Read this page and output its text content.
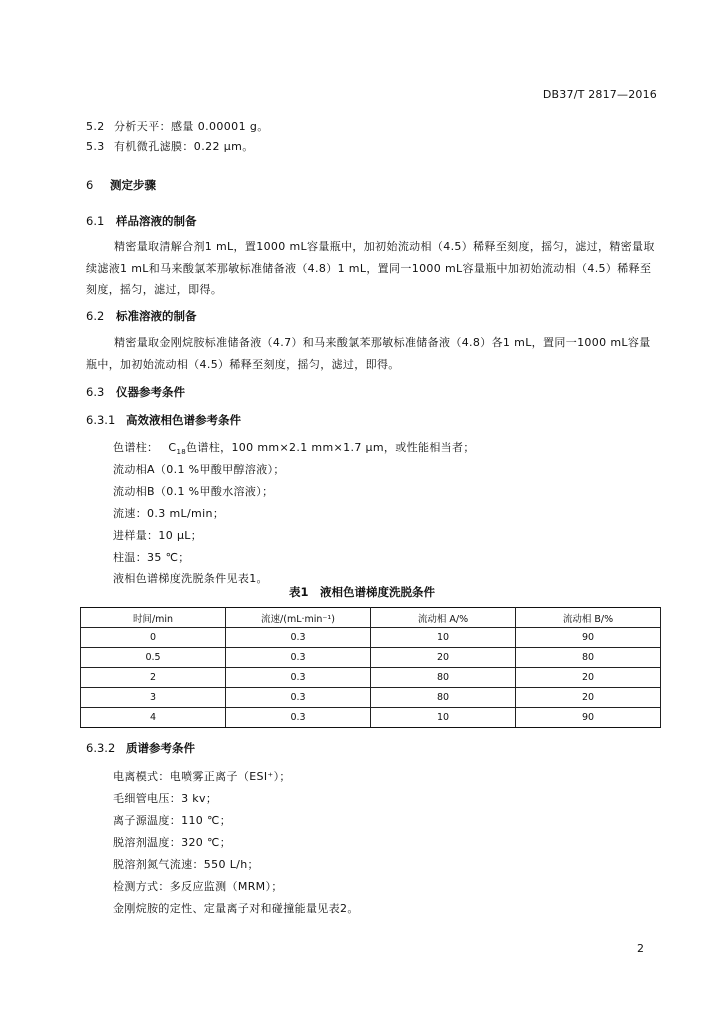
DB37/T 2817—2016
5.2 分析天平：感量 0.00001 g。
5.3 有机微孔滤膜：0.22 μm。
6 测定步骤
6.1 样品溶液的制备
精密量取清解合剂1 mL，置1000 mL容量瓶中，加初始流动相（4.5）稀释至刻度，摇匀，滤过，精密量取续滤液1 mL和马来酸氯苯那敏标准储备液（4.8）1 mL，置同一1000 mL容量瓶中加初始流动相（4.5）稀释至刻度，摇匀，滤过，即得。
6.2 标准溶液的制备
精密量取金刚烷胺标准储备液（4.7）和马来酸氯苯那敏标准储备液（4.8）各1 mL，置同一1000 mL容量瓶中，加初始流动相（4.5）稀释至刻度，摇匀，滤过，即得。
6.3 仪器参考条件
6.3.1 高效液相色谱参考条件
色谱柱： $C_{18}$色谱柱，100 mm×2.1 mm×1.7 μm，或性能相当者；
流动相A（0.1 %甲酸甲醇溶液）；
流动相B（0.1 %甲酸水溶液）；
流速：0.3 mL/min；
进样量：10 μL；
柱温：35 ℃；
液相色谱梯度洗脱条件见表1。
表1　液相色谱梯度洗脱条件
时间/min	流速/(mL·min⁻¹)	流动相 A/%	流动相 B/%
0	0.3	10	90
0.5	0.3	20	80
2	0.3	80	20
3	0.3	80	20
4	0.3	10	90
6.3.2 质谱参考条件
电离模式：电喷雾正离子（ESI⁺）；
毛细管电压：3 kv；
离子源温度：110 ℃；
脱溶剂温度：320 ℃；
脱溶剂氮气流速：550 L/h；
检测方式：多反应监测（MRM）；
金刚烷胺的定性、定量离子对和碰撞能量见表2。
2
